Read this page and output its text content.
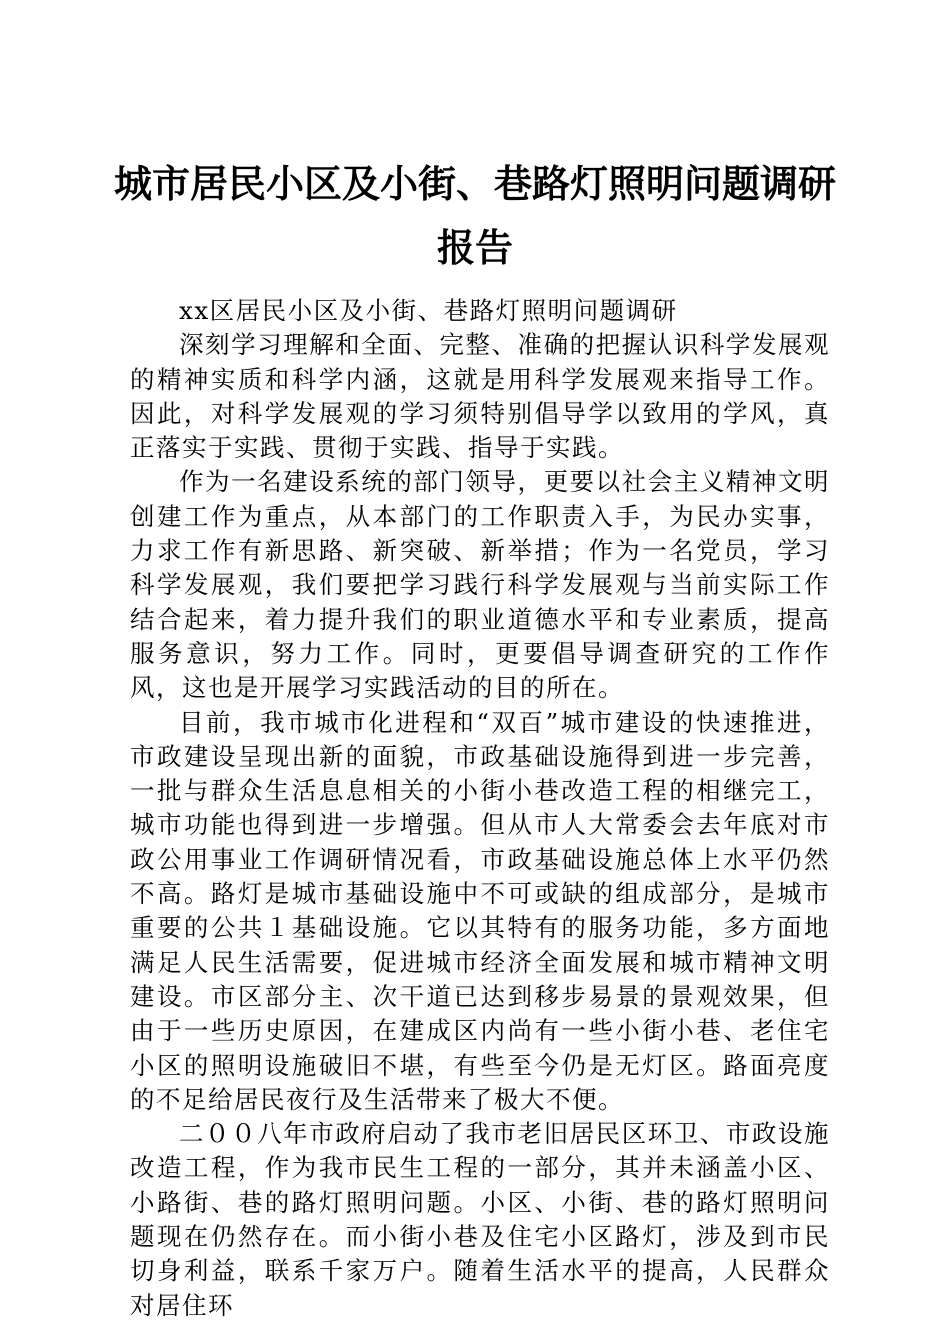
城市居民小区及小街、巷路灯照明问题调研报告

xx区居民小区及小街、巷路灯照明问题调研

深刻学习理解和全面、完整、准确的把握认识科学发展观的精神实质和科学内涵，这就是用科学发展观来指导工作。因此，对科学发展观的学习须特别倡导学以致用的学风，真正落实于实践、贯彻于实践、指导于实践。

作为一名建设系统的部门领导，更要以社会主义精神文明创建工作为重点，从本部门的工作职责入手，为民办实事，力求工作有新思路、新突破、新举措；作为一名党员，学习科学发展观，我们要把学习践行科学发展观与当前实际工作结合起来，着力提升我们的职业道德水平和专业素质，提高服务意识，努力工作。同时，更要倡导调查研究的工作作风，这也是开展学习实践活动的目的所在。

目前，我市城市化进程和“双百”城市建设的快速推进，市政建设呈现出新的面貌，市政基础设施得到进一步完善，一批与群众生活息息相关的小街小巷改造工程的相继完工，城市功能也得到进一步增强。但从市人大常委会去年底对市政公用事业工作调研情况看，市政基础设施总体上水平仍然不高。路灯是城市基础设施中不可或缺的组成部分，是城市重要的公共１基础设施。它以其特有的服务功能，多方面地满足人民生活需要，促进城市经济全面发展和城市精神文明建设。市区部分主、次干道已达到移步易景的景观效果，但由于一些历史原因，在建成区内尚有一些小街小巷、老住宅小区的照明设施破旧不堪，有些至今仍是无灯区。路面亮度的不足给居民夜行及生活带来了极大不便。

二００八年市政府启动了我市老旧居民区环卫、市政设施改造工程，作为我市民生工程的一部分，其并未涵盖小区、小路街、巷的路灯照明问题。小区、小街、巷的路灯照明问题现在仍然存在。而小街小巷及住宅小区路灯，涉及到市民切身利益，联系千家万户。随着生活水平的提高，人民群众对居住环
